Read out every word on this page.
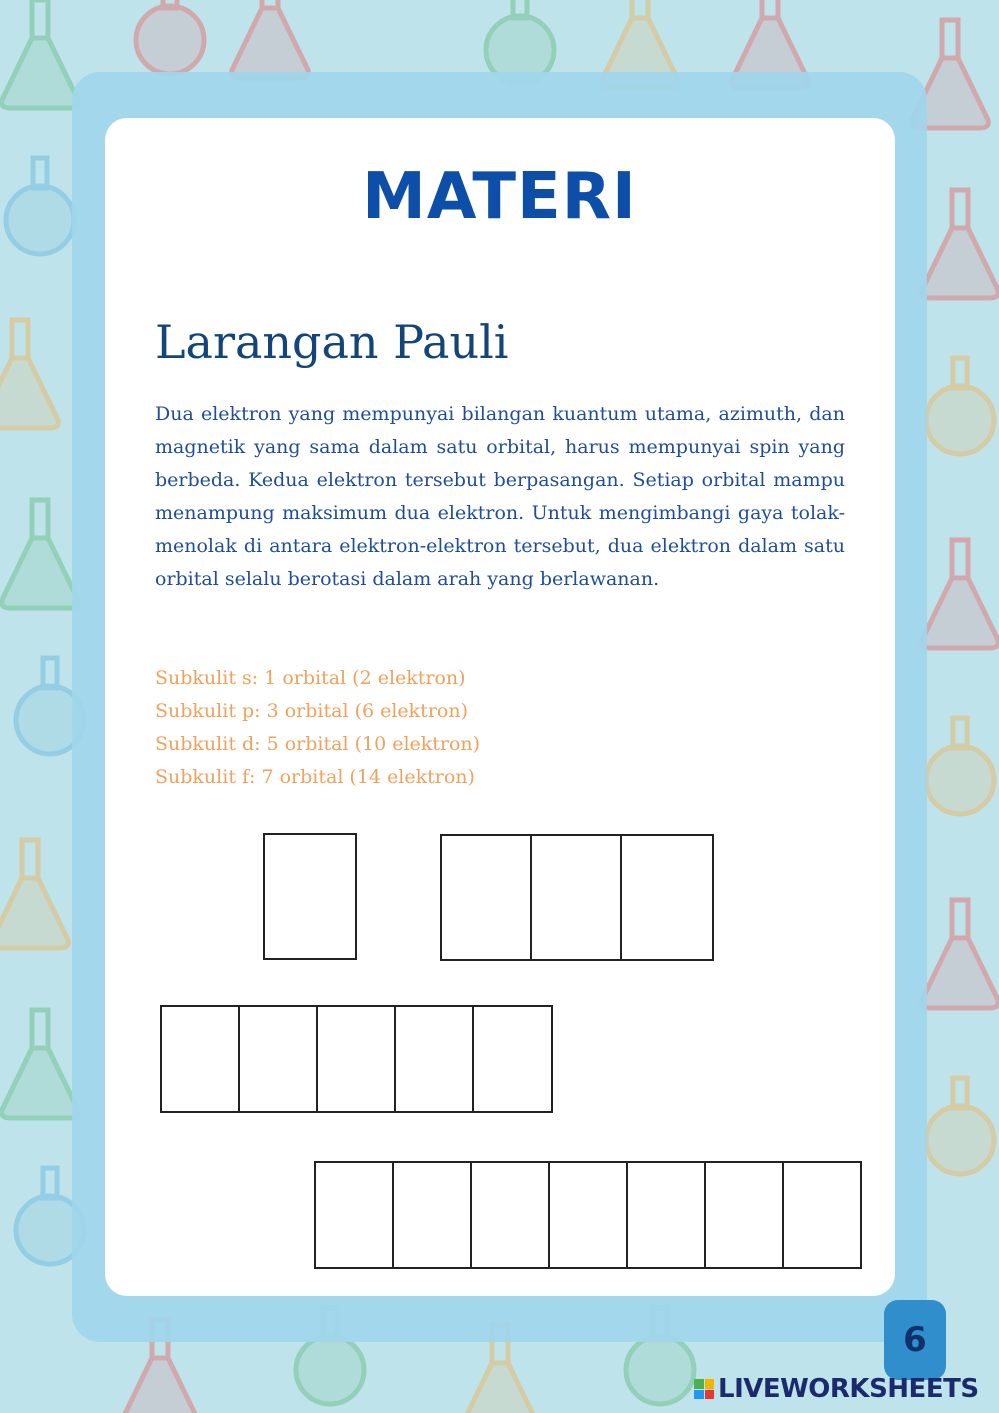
MATERI
Larangan Pauli

Dua elektron yang mempunyai bilangan kuantum utama, azimuth, dan magnetik yang sama dalam satu orbital, harus mempunyai spin yang berbeda. Kedua elektron tersebut berpasangan. Setiap orbital mampu menampung maksimum dua elektron. Untuk mengimbangi gaya tolak-menolak di antara elektron-elektron tersebut, dua elektron dalam satu orbital selalu berotasi dalam arah yang berlawanan.

Subkulit s: 1 orbital (2 elektron)
Subkulit p: 3 orbital (6 elektron)
Subkulit d: 5 orbital (10 elektron)
Subkulit f: 7 orbital (14 elektron)
6
LIVEWORKSHEETS
